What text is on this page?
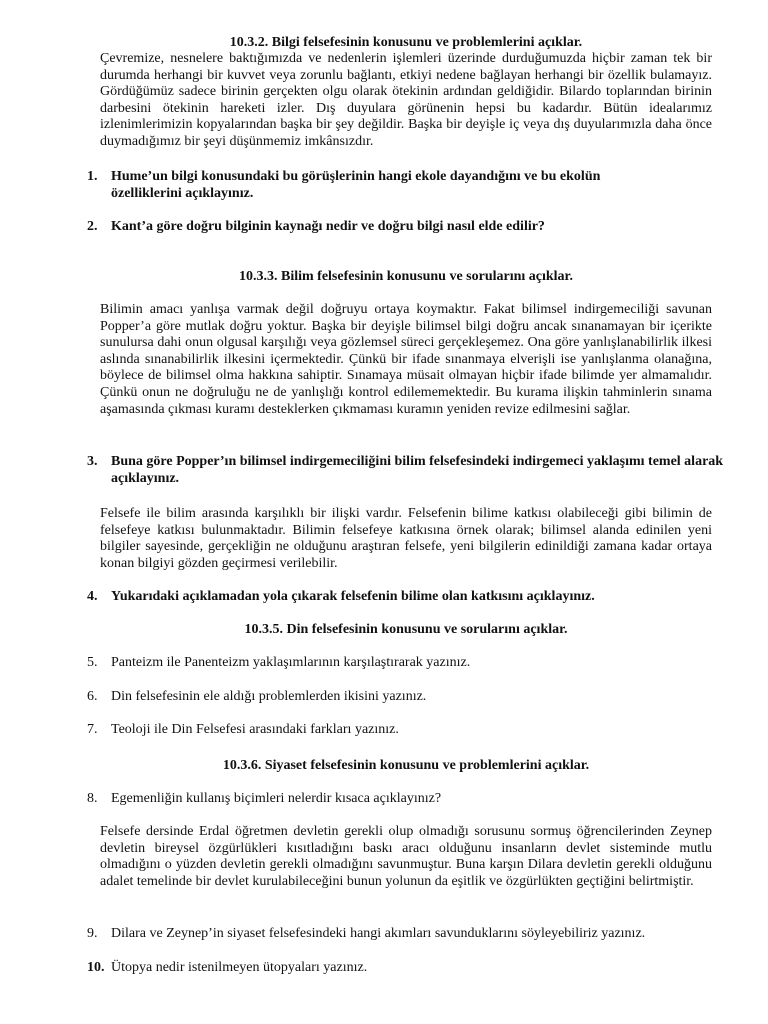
10.3.2. Bilgi felsefesinin konusunu ve problemlerini açıklar.
Çevremize, nesnelere baktığımızda ve nedenlerin işlemleri üzerinde durduğumuzda hiçbir zaman tek bir durumda herhangi bir kuvvet veya zorunlu bağlantı, etkiyi nedene bağlayan herhangi bir özellik bulamayız. Gördüğümüz sadece birinin gerçekten olgu olarak ötekinin ardından geldiğidir. Bilardo toplarından birinin darbesini ötekinin hareketi izler. Dış duyulara görünenin hepsi bu kadardır. Bütün idealarımız izlenimlerimizin kopyalarından başka bir şey değildir. Başka bir deyişle iç veya dış duyularımızla daha önce duymadığımız bir şeyi düşünmemiz imkânsızdır.
1. Hume’un bilgi konusundaki bu görüşlerinin hangi ekole dayandığını ve bu ekolün özelliklerini açıklayınız.
2. Kant’a göre doğru bilginin kaynağı nedir ve doğru bilgi nasıl elde edilir?
10.3.3. Bilim felsefesinin konusunu ve sorularını açıklar.
Bilimin amacı yanlışa varmak değil doğruyu ortaya koymaktır. Fakat bilimsel indirgemeciliği savunan Popper’a göre mutlak doğru yoktur. Başka bir deyişle bilimsel bilgi doğru ancak sınanamayan bir içerikte sunulursa dahi onun olgusal karşılığı veya gözlemsel süreci gerçekleşemez. Ona göre yanlışlanabilirlik ilkesi aslında sınanabilirlik ilkesini içermektedir. Çünkü bir ifade sınanmaya elverişli ise yanlışlanma olanağına, böylece de bilimsel olma hakkına sahiptir. Sınamaya müsait olmayan hiçbir ifade bilimde yer almamalıdır. Çünkü onun ne doğruluğu ne de yanlışlığı kontrol edilememektedir. Bu kurama ilişkin tahminlerin sınama aşamasında çıkması kuramı desteklerken çıkmaması kuramın yeniden revize edilmesini sağlar.
3. Buna göre Popper’ın bilimsel indirgemeciliğini bilim felsefesindeki indirgemeci yaklaşımı temel alarak açıklayınız.
Felsefe ile bilim arasında karşılıklı bir ilişki vardır. Felsefenin bilime katkısı olabileceği gibi bilimin de felsefeye katkısı bulunmaktadır. Bilimin felsefeye katkısına örnek olarak; bilimsel alanda edinilen yeni bilgiler sayesinde, gerçekliğin ne olduğunu araştıran felsefe, yeni bilgilerin edinildiği zamana kadar ortaya konan bilgiyi gözden geçirmesi verilebilir.
4. Yukarıdaki açıklamadan yola çıkarak felsefenin bilime olan katkısını açıklayınız.
10.3.5. Din felsefesinin konusunu ve sorularını açıklar.
5. Panteizm ile Panenteizm yaklaşımlarının karşılaştırarak yazınız.
6. Din felsefesinin ele aldığı problemlerden ikisini yazınız.
7. Teoloji ile Din Felsefesi arasındaki farkları yazınız.
10.3.6. Siyaset felsefesinin konusunu ve problemlerini açıklar.
8. Egemenliğin kullanış biçimleri nelerdir kısaca açıklayınız?
Felsefe dersinde Erdal öğretmen devletin gerekli olup olmadığı sorusunu sormuş öğrencilerinden Zeynep devletin bireysel özgürlükleri kısıtladığını baskı aracı olduğunu insanların devlet sisteminde mutlu olmadığını o yüzden devletin gerekli olmadığını savunmuştur. Buna karşın Dilara devletin gerekli olduğunu adalet temelinde bir devlet kurulabileceğini bunun yolunun da eşitlik ve özgürlükten geçtiğini belirtmiştir.
9. Dilara ve Zeynep’in siyaset felsefesindeki hangi akımları savunduklarını söyleyebiliriz yazınız.
10. Ütopya nedir istenilmeyen ütopyaları yazınız.
